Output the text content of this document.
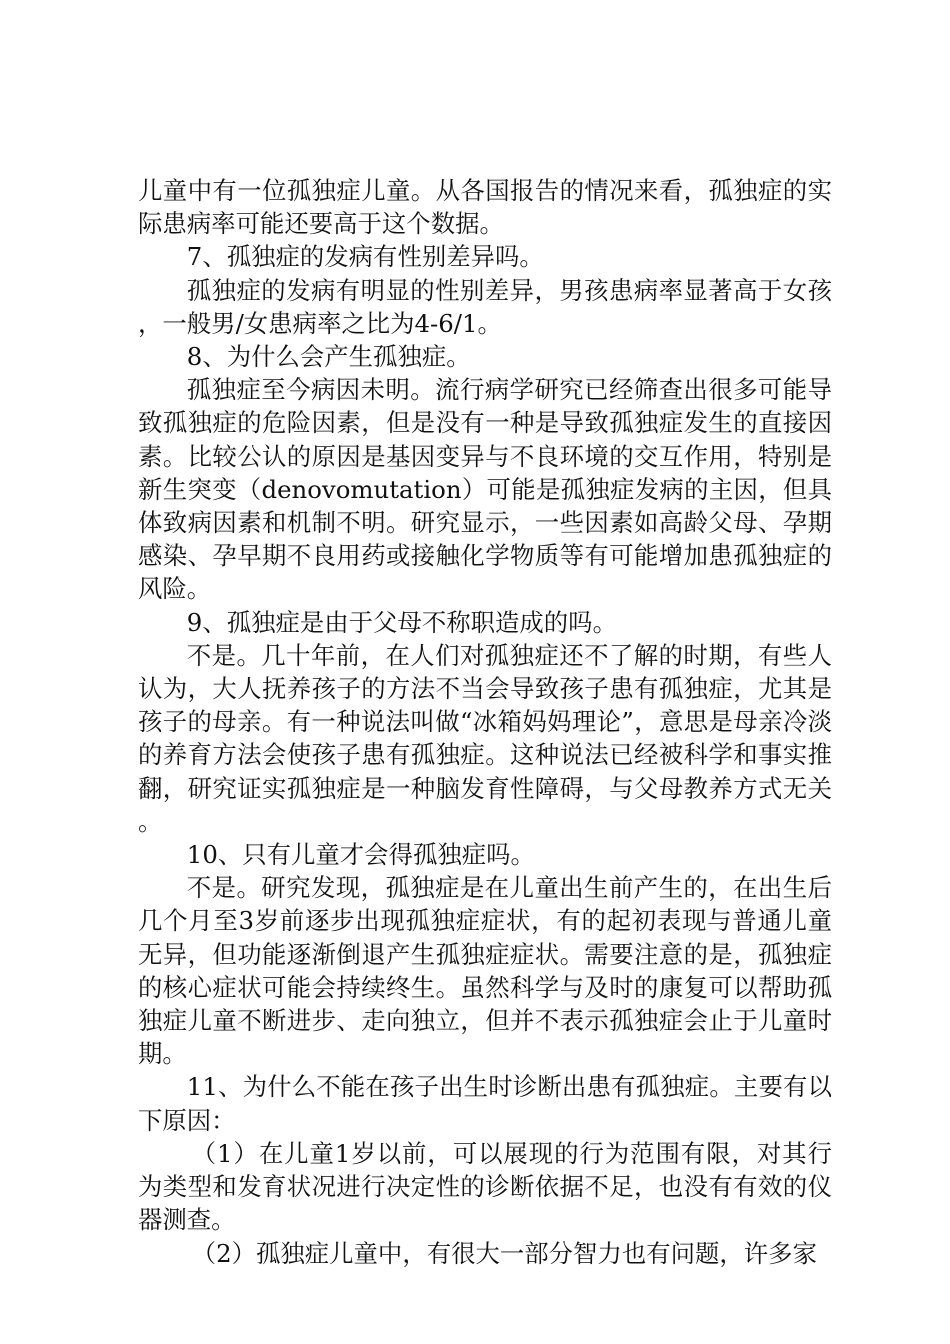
儿童中有一位孤独症儿童。从各国报告的情况来看，孤独症的实际患病率可能还要高于这个数据。

7、孤独症的发病有性别差异吗。

孤独症的发病有明显的性别差异，男孩患病率显著高于女孩，一般男/女患病率之比为4-6/1。

8、为什么会产生孤独症。

孤独症至今病因未明。流行病学研究已经筛查出很多可能导致孤独症的危险因素，但是没有一种是导致孤独症发生的直接因素。比较公认的原因是基因变异与不良环境的交互作用，特别是新生突变（denovomutation）可能是孤独症发病的主因，但具体致病因素和机制不明。研究显示，一些因素如高龄父母、孕期感染、孕早期不良用药或接触化学物质等有可能增加患孤独症的风险。

9、孤独症是由于父母不称职造成的吗。

不是。几十年前，在人们对孤独症还不了解的时期，有些人认为，大人抚养孩子的方法不当会导致孩子患有孤独症，尤其是孩子的母亲。有一种说法叫做“冰箱妈妈理论”，意思是母亲冷淡的养育方法会使孩子患有孤独症。这种说法已经被科学和事实推翻，研究证实孤独症是一种脑发育性障碍，与父母教养方式无关。

10、只有儿童才会得孤独症吗。

不是。研究发现，孤独症是在儿童出生前产生的，在出生后几个月至3岁前逐步出现孤独症症状，有的起初表现与普通儿童无异，但功能逐渐倒退产生孤独症症状。需要注意的是，孤独症的核心症状可能会持续终生。虽然科学与及时的康复可以帮助孤独症儿童不断进步、走向独立，但并不表示孤独症会止于儿童时期。

11、为什么不能在孩子出生时诊断出患有孤独症。主要有以下原因：

（1）在儿童1岁以前，可以展现的行为范围有限，对其行为类型和发育状况进行决定性的诊断依据不足，也没有有效的仪器测查。

（2）孤独症儿童中，有很大一部分智力也有问题，许多家
